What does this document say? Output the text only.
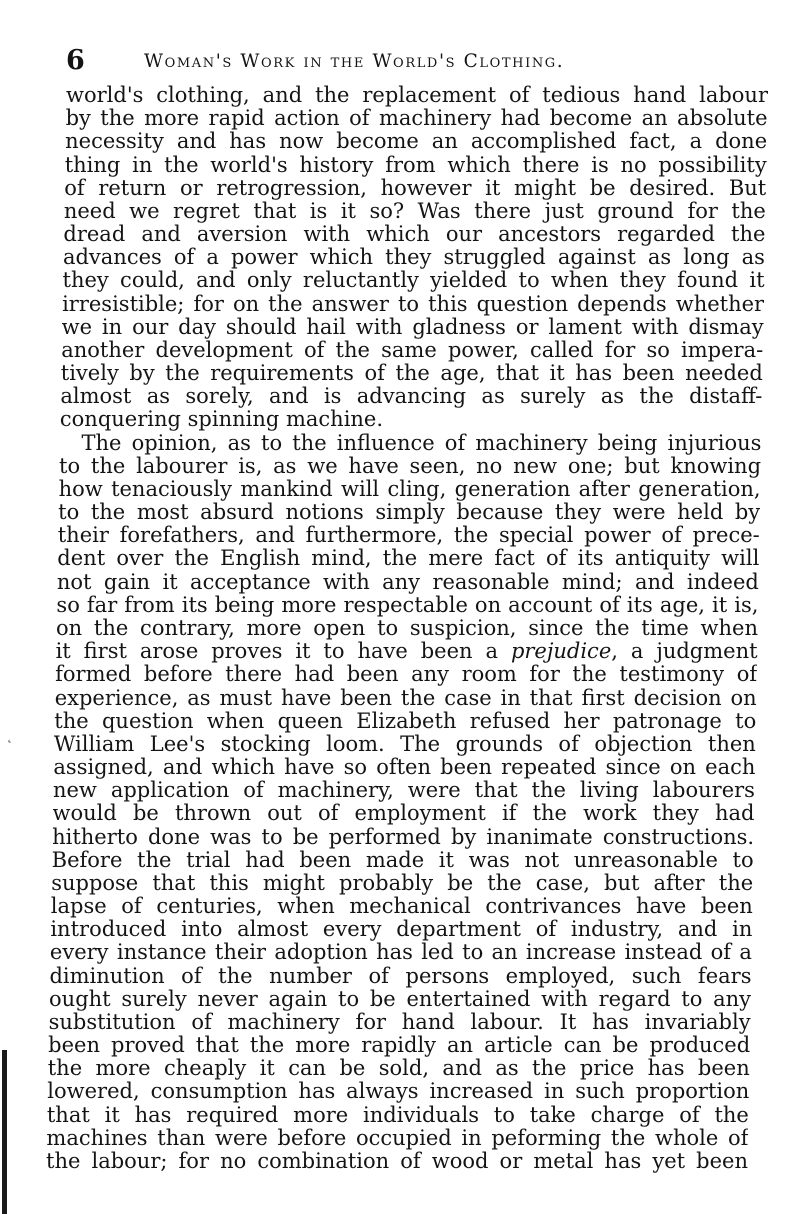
6	Woman's Work in the World's Clothing.
˛
world's clothing, and the replacement of tedious hand labour
by the more rapid action of machinery had become an absolute
necessity and has now become an accomplished fact, a done
thing in the world's history from which there is no possibility
of return or retrogression, however it might be desired. But
need we regret that is it so? Was there just ground for the
dread and aversion with which our ancestors regarded the
advances of a power which they struggled against as long as
they could, and only reluctantly yielded to when they found it
irresistible; for on the answer to this question depends whether
we in our day should hail with gladness or lament with dismay
another development of the same power, called for so impera-
tively by the requirements of the age, that it has been needed
almost as sorely, and is advancing as surely as the distaff-
conquering spinning machine.
The opinion, as to the influence of machinery being injurious
to the labourer is, as we have seen, no new one; but knowing
how tenaciously mankind will cling, generation after generation,
to the most absurd notions simply because they were held by
their forefathers, and furthermore, the special power of prece-
dent over the English mind, the mere fact of its antiquity will
not gain it acceptance with any reasonable mind; and indeed
so far from its being more respectable on account of its age, it is,
on the contrary, more open to suspicion, since the time when
it first arose proves it to have been a prejudice, a judgment
formed before there had been any room for the testimony of
experience, as must have been the case in that first decision on
the question when queen Elizabeth refused her patronage to
William Lee's stocking loom. The grounds of objection then
assigned, and which have so often been repeated since on each
new application of machinery, were that the living labourers
would be thrown out of employment if the work they had
hitherto done was to be performed by inanimate constructions.
Before the trial had been made it was not unreasonable to
suppose that this might probably be the case, but after the
lapse of centuries, when mechanical contrivances have been
introduced into almost every department of industry, and in
every instance their adoption has led to an increase instead of a
diminution of the number of persons employed, such fears
ought surely never again to be entertained with regard to any
substitution of machinery for hand labour. It has invariably
been proved that the more rapidly an article can be produced
the more cheaply it can be sold, and as the price has been
lowered, consumption has always increased in such proportion
that it has required more individuals to take charge of the
machines than were before occupied in peforming the whole of
the labour; for no combination of wood or metal has yet been
